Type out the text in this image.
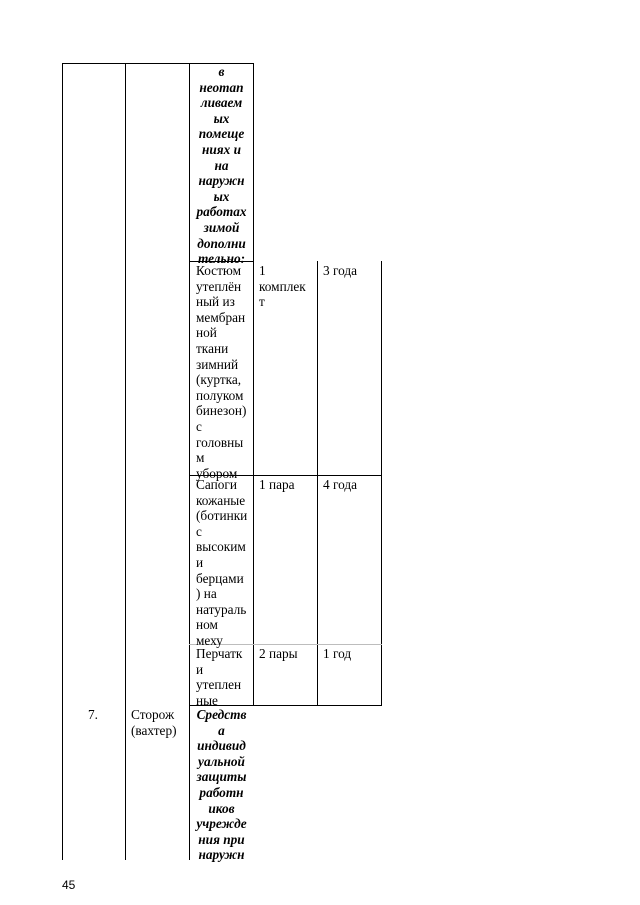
в
неотап
ливаем
ых
помеще
ниях и
на
наружн
ых
работах
зимой
дополни
тельно:
Костюм
утеплён
ный из
мембран
ной
ткани
зимний
(куртка,
полуком
бинезон)
с
головны
м
убором
1
комплек
т
3 года
Сапоги
кожаные
(ботинки
с
высоким
и
берцами
) на
натураль
ном
меху
1 пара	4 года
Перчатк
и
утеплен
ные
2 пары	1 год
7. Сторож
(вахтер)
Средств
а
индивид
уальной
защиты
работн
иков
учрежде
ния при
наружн
45
